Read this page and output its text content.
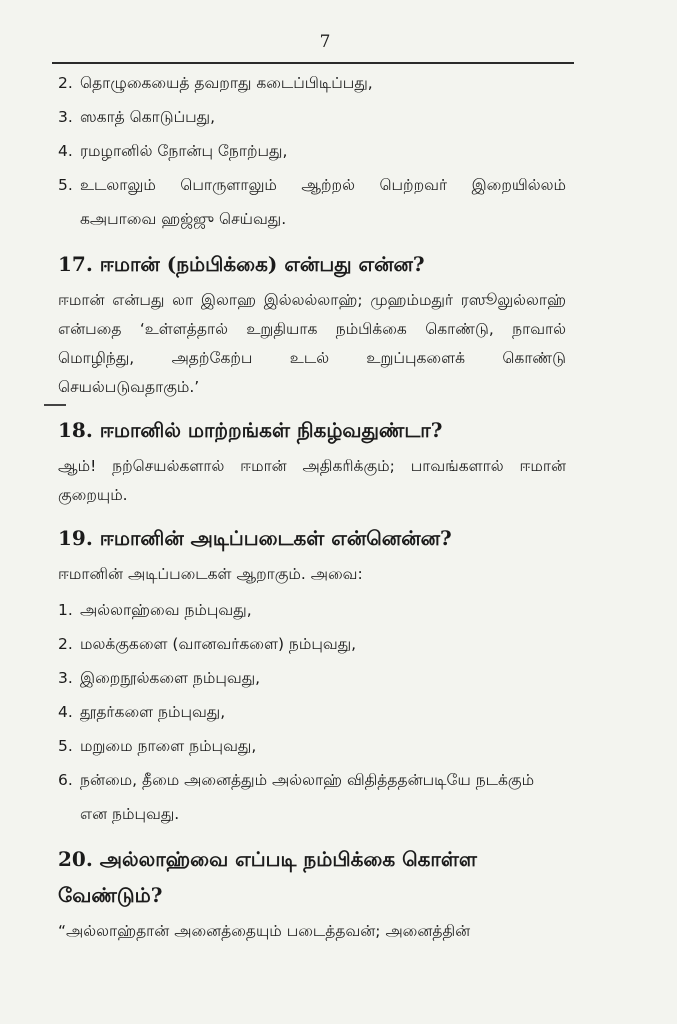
7
2. தொழுகையைத் தவறாது கடைப்பிடிப்பது,
3. ஸகாத் கொடுப்பது,
4. ரமழானில் நோன்பு நோற்பது,
5. உடலாலும் பொருளாலும் ஆற்றல் பெற்றவர் இறையில்லம் கஅபாவை ஹஜ்ஜு செய்வது.
17. ஈமான் (நம்பிக்கை) என்பது என்ன?
ஈமான் என்பது லா இலாஹ இல்லல்லாஹ்; முஹம்மதுர் ரஸூலுல்லாஹ் என்பதை ‘உள்ளத்தால் உறுதியாக நம்பிக்கை கொண்டு, நாவால் மொழிந்து, அதற்கேற்ப உடல் உறுப்புகளைக் கொண்டு செயல்படுவதாகும்.’
18. ஈமானில் மாற்றங்கள் நிகழ்வதுண்டா?
ஆம்! நற்செயல்களால் ஈமான் அதிகரிக்கும்; பாவங்களால் ஈமான் குறையும்.
19. ஈமானின் அடிப்படைகள் என்னென்ன?
ஈமானின் அடிப்படைகள் ஆறாகும். அவை:
1. அல்லாஹ்வை நம்புவது,
2. மலக்குகளை (வானவர்களை) நம்புவது,
3. இறைநூல்களை நம்புவது,
4. தூதர்களை நம்புவது,
5. மறுமை நாளை நம்புவது,
6. நன்மை, தீமை அனைத்தும் அல்லாஹ் விதித்ததன்படியே நடக்கும் என நம்புவது.
20. அல்லாஹ்வை எப்படி நம்பிக்கை கொள்ள வேண்டும்?
“அல்லாஹ்தான் அனைத்தையும் படைத்தவன்; அனைத்தின்
